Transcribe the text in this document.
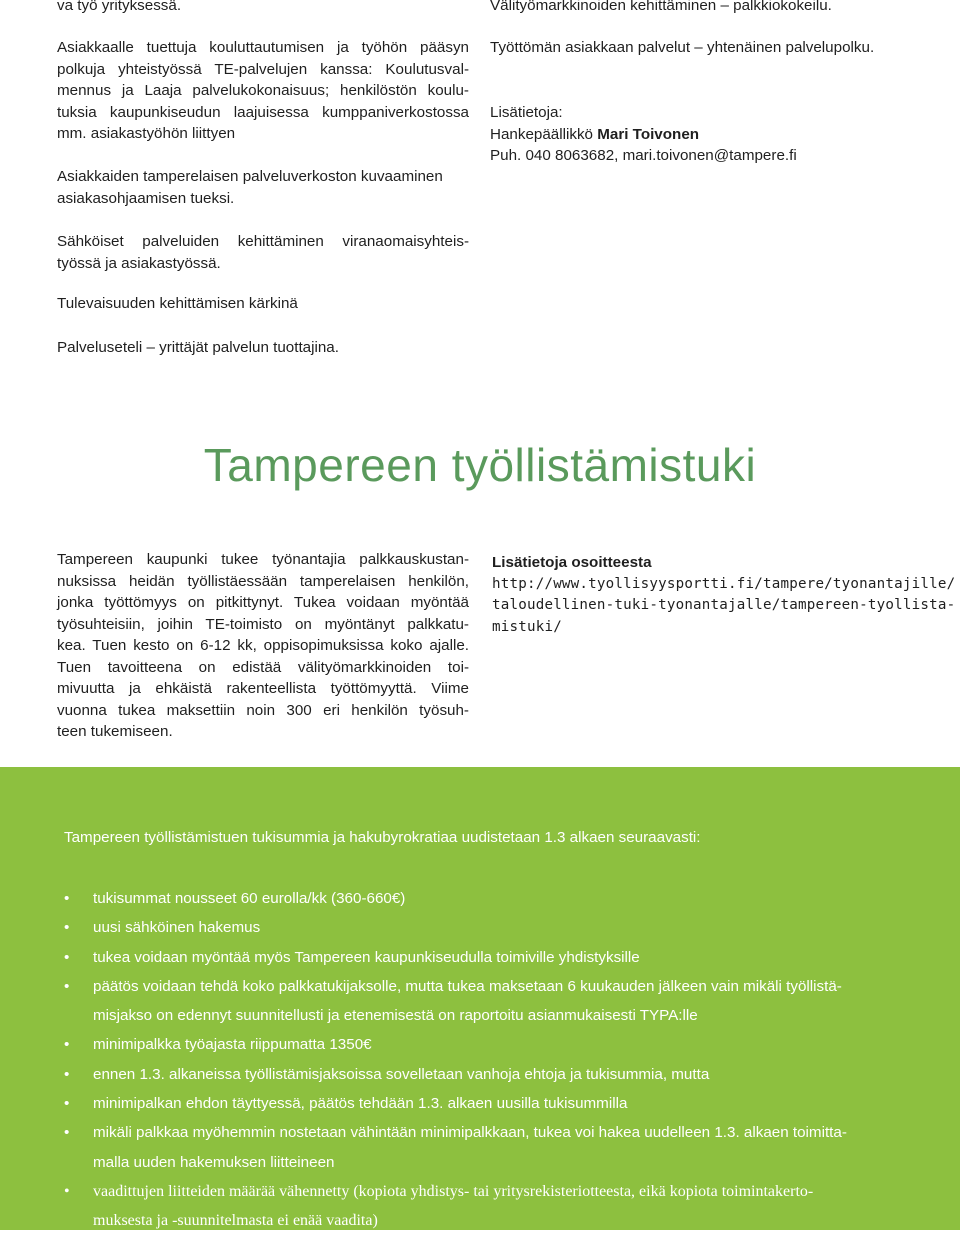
va työ yrityksessä.
Asiakkaalle tuettuja kouluttautumisen ja työhön pääsyn
polkuja yhteistyössä TE-palvelujen kanssa: Koulutusval-
mennus ja Laaja palvelukokonaisuus; henkilöstön koulu-
tuksia kaupunkiseudun laajuisessa kumppaniverkostossa
mm. asiakastyöhön liittyen
Asiakkaiden tamperelaisen palveluverkoston kuvaaminen
asiakasohjaamisen tueksi.
Sähköiset palveluiden kehittäminen viranaomaisyhteis-
työssä ja asiakastyössä.
Tulevaisuuden kehittämisen kärkinä
Palveluseteli – yrittäjät palvelun tuottajina.
Välityömarkkinoiden kehittäminen – palkkiokokeilu.
Työttömän asiakkaan palvelut – yhtenäinen palvelupolku.
Lisätietoja:
Hankepäällikkö Mari Toivonen
Puh. 040 8063682, mari.toivonen@tampere.fi
Tampereen työllistämistuki
Tampereen kaupunki tukee työnantajia palkkauskustan-
nuksissa heidän työllistäessään tamperelaisen henkilön,
jonka työttömyys on pitkittynyt. Tukea voidaan myöntää
työsuhteisiin, joihin TE-toimisto on myöntänyt palkkatu-
kea. Tuen kesto on 6-12 kk, oppisopimuksissa koko ajalle.
Tuen tavoitteena on edistää välityömarkkinoiden toi-
mivuutta ja ehkäistä rakenteellista työttömyyttä. Viime
vuonna tukea maksettiin noin 300 eri henkilön työsuh-
teen tukemiseen.
Lisätietoja osoitteesta
http://www.tyollisyysportti.fi/tampere/tyonantajille/
taloudellinen-tuki-tyonantajalle/tampereen-tyollista-
mistuki/
Tampereen työllistämistuen tukisummia ja hakubyrokratiaa uudistetaan 1.3 alkaen seuraavasti:
• tukisummat nousseet 60 eurolla/kk (360-660€)
• uusi sähköinen hakemus
• tukea voidaan myöntää myös Tampereen kaupunkiseudulla toimiville yhdistyksille
• päätös voidaan tehdä koko palkkatukijaksolle, mutta tukea maksetaan 6 kuukauden jälkeen vain mikäli työllistä-
misjakso on edennyt suunnitellusti ja etenemisestä on raportoitu asianmukaisesti TYPA:lle
• minimipalkka työajasta riippumatta 1350€
• ennen 1.3. alkaneissa työllistämisjaksoissa sovelletaan vanhoja ehtoja ja tukisummia, mutta
• minimipalkan ehdon täyttyessä, päätös tehdään 1.3. alkaen uusilla tukisummilla
• mikäli palkkaa myöhemmin nostetaan vähintään minimipalkkaan, tukea voi hakea uudelleen 1.3. alkaen toimitta-
malla uuden hakemuksen liitteineen
• vaadittujen liitteiden määrää vähennetty (kopiota yhdistys- tai yritysrekisteriotteesta, eikä kopiota toimintakerto-
muksesta ja -suunnitelmasta ei enää vaadita)
